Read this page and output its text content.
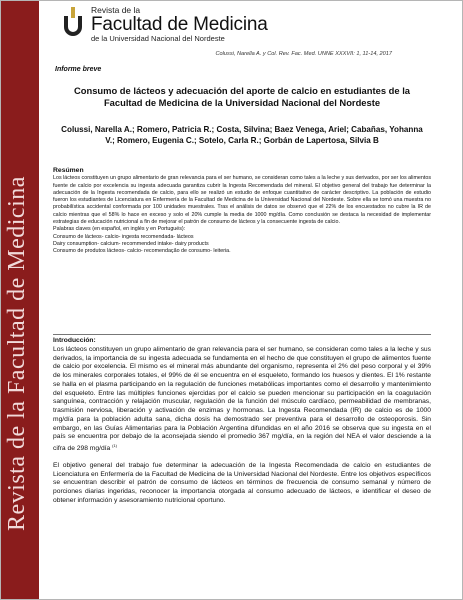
Revista de la Facultad de Medicina
Revista de la
Facultad de Medicina
de la Universidad Nacional del Nordeste
Colussi, Narella A. y Col. Rev. Fac. Med. UNNE XXXVII: 1, 11-14, 2017
Informe breve
Consumo de lácteos y adecuación del aporte de calcio en estudiantes de la Facultad de Medicina de la Universidad Nacional del Nordeste
Colussi, Narella A.; Romero, Patricia R.; Costa, Silvina; Baez Venega, Ariel; Cabañas, Yohanna V.; Romero, Eugenia C.; Sotelo, Carla R.; Gorbán de Lapertosa, Silvia B
Resúmen

Los lácteos constituyen un grupo alimentario de gran relevancia para el ser humano, se consideran como tales a la leche y sus derivados, por ser los alimentos fuente de calcio por excelencia su ingesta adecuada garantiza cubrir la Ingesta Recomendada del mineral. El objetivo general del trabajo fue determinar la adecuación de la Ingesta recomendada de calcio, para ello se realizó un estudio de enfoque cuantitativo de carácter descriptivo. La población de estudio fueron los estudiantes de Licenciatura en Enfermería de la Facultad de Medicina de la Universidad Nacional del Nordeste. Sobre ella se tomó una muestra no probabilística accidental conformada por 100 unidades muestrales. Tras el análisis de datos se observó que el 22% de los encuestados no cubre la IR de calcio mientras que el 58% lo hace en exceso y solo el 20% cumple la media de 1000 mg/día. Como conclusión se destaca la necesidad de implementar estrategias de educación nutricional a fin de mejorar el patrón de consumo de lácteos y la consecuente ingesta de calcio.

Palabras claves (en español, en inglés y en Portugués):
Consumo de lácteos- calcio- ingesta recomendada- lácteos
Dairy consumption- calcium- recommended intake- dairy products
Consumo de produtos lácteos- calcio- recomendação de consumo- leiteria.
Introducción:

Los lácteos constituyen un grupo alimentario de gran relevancia para el ser humano, se consideran como tales a la leche y sus derivados, la importancia de su ingesta adecuada se fundamenta en el hecho de que constituyen el grupo de alimentos fuente de calcio por excelencia. El mismo es el mineral más abundante del organismo, representa el 2% del peso corporal y el 39% de los minerales corporales totales, el 99% de él se encuentra en el esqueleto, formando los huesos y dientes. El 1% restante se halla en el plasma participando en la regulación de funciones metabólicas importantes como el desarrollo y mantenimiento del esqueleto. Entre las múltiples funciones ejercidas por el calcio se pueden mencionar su participación en la coagulación sanguínea, contracción y relajación muscular, regulación de la función del músculo cardíaco, permeabilidad de membranas, trasmisión nerviosa, liberación y activación de enzimas y hormonas. La Ingesta Recomendada (IR) de calcio es de 1000 mg/día para la población adulta sana, dicha dosis ha demostrado ser preventiva para el desarrollo de osteoporosis. Sin embargo, en las Guías Alimentarias para la Población Argentina difundidas en el año 2016 se observa que su ingesta en el país se encuentra por debajo de la aconsejada siendo el promedio 367 mg/día, en la región del NEA el valor desciende a la cifra de 298 mg/día $^{(1)}$

El objetivo general del trabajo fue determinar la adecuación de la Ingesta Recomendada de calcio en estudiantes de Licenciatura en Enfermería de la Facultad de Medicina de la Universidad Nacional del Nordeste. Entre los objetivos específicos se encuentran describir el patrón de consumo de lácteos en términos de frecuencia de consumo semanal y número de porciones diarias ingeridas, reconocer la importancia otorgada al consumo adecuado de lácteos, e identificar el deseo de obtener información y asesoramiento nutricional oportuno.
